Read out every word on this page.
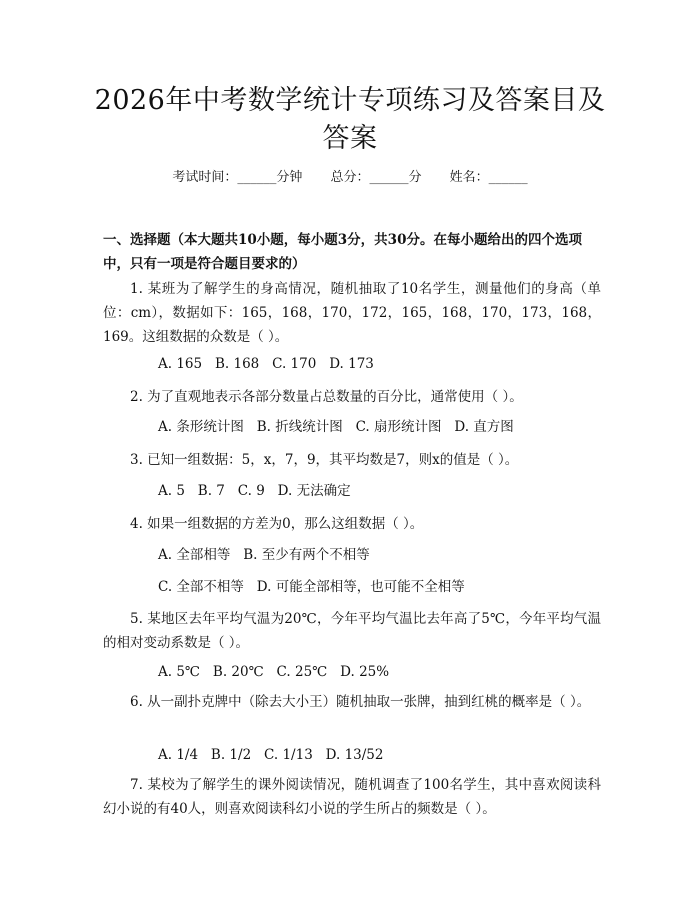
2026年中考数学统计专项练习及答案目及答案
考试时间：______分钟 总分：______分 姓名：______
一、选择题（本大题共10小题，每小题3分，共30分。在每小题给出的四个选项中，只有一项是符合题目要求的）
1. 某班为了解学生的身高情况，随机抽取了10名学生，测量他们的身高（单位：cm），数据如下：165，168，170，172，165，168，170，173，168，169。这组数据的众数是（ ）。
A. 165   B. 168   C. 170   D. 173
2. 为了直观地表示各部分数量占总数量的百分比，通常使用（ ）。
A. 条形统计图   B. 折线统计图   C. 扇形统计图   D. 直方图
3. 已知一组数据：5，x，7，9，其平均数是7，则x的值是（ ）。
A. 5   B. 7   C. 9   D. 无法确定
4. 如果一组数据的方差为0，那么这组数据（ ）。
A. 全部相等   B. 至少有两个不相等
C. 全部不相等   D. 可能全部相等，也可能不全相等
5. 某地区去年平均气温为20℃，今年平均气温比去年高了5℃，今年平均气温的相对变动系数是（ ）。
A. 5℃   B. 20℃   C. 25℃   D. 25%
6. 从一副扑克牌中（除去大小王）随机抽取一张牌，抽到红桃的概率是（ ）。
A. 1/4   B. 1/2   C. 1/13   D. 13/52
7. 某校为了解学生的课外阅读情况，随机调查了100名学生，其中喜欢阅读科幻小说的有40人，则喜欢阅读科幻小说的学生所占的频数是（ ）。
